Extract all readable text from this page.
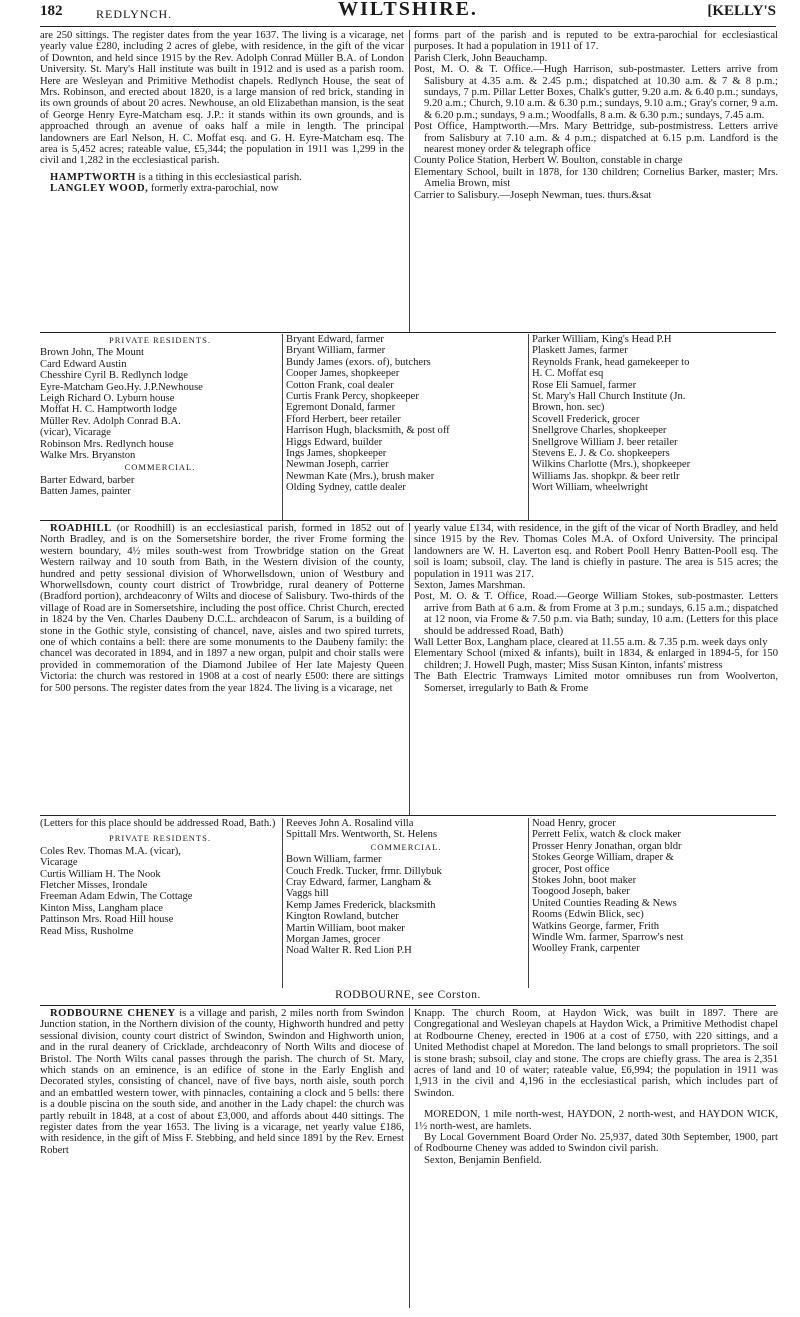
182	REDLYNCH.	WILTSHIRE.	[KELLY'S

are 250 sittings. The register dates from the year 1637. The living is a vicarage, net yearly value £280, including 2 acres of glebe, with residence, in the gift of the vicar of Downton, and held since 1915 by the Rev. Adolph Conrad Müller B.A. of London University. St. Mary's Hall institute was built in 1912 and is used as a parish room. Here are Wesleyan and Primitive Methodist chapels. Redlynch House, the seat of Mrs. Robinson, and erected about 1820, is a large mansion of red brick, standing in its own grounds of about 20 acres. Newhouse, an old Elizabethan mansion, is the seat of George Henry Eyre-Matcham esq. J.P.: it stands within its own grounds, and is approached through an avenue of oaks half a mile in length. The principal landowners are Earl Nelson, H. C. Moffat esq. and G. H. Eyre-Matcham esq. The area is 5,452 acres; rateable value, £5,344; the population in 1911 was 1,299 in the civil and 1,282 in the ecclesiastical parish.

HAMPTWORTH is a tithing in this ecclesiastical parish.

LANGLEY WOOD, formerly extra-parochial, now

forms part of the parish and is reputed to be extra-parochial for ecclesiastical purposes. It had a population in 1911 of 17.

Parish Clerk, John Beauchamp.

Post, M. O. & T. Office.—Hugh Harrison, sub-postmaster. Letters arrive from Salisbury at 4.35 a.m. & 2.45 p.m.; dispatched at 10.30 a.m. & 7 & 8 p.m.; sundays, 7 p.m. Pillar Letter Boxes, Chalk's gutter, 9.20 a.m. & 6.40 p.m.; sundays, 9.20 a.m.; Church, 9.10 a.m. & 6.30 p.m.; sundays, 9.10 a.m.; Gray's corner, 9 a.m. & 6.20 p.m.; sundays, 9 a.m.; Woodfalls, 8 a.m. & 6.30 p.m.; sundays, 7.45 a.m.

Post Office, Hamptworth.—Mrs. Mary Bettridge, sub-postmistress. Letters arrive from Salisbury at 7.10 a.m. & 4 p.m.; dispatched at 6.15 p.m. Landford is the nearest money order & telegraph office

County Police Station, Herbert W. Boulton, constable in charge

Elementary School, built in 1878, for 130 children; Cornelius Barker, master; Mrs. Amelia Brown, mist

Carrier to Salisbury.—Joseph Newman, tues. thurs.&sat

PRIVATE RESIDENTS.
Brown John, The Mount
Card Edward Austin
Chesshire Cyril B. Redlynch lodge
Eyre-Matcham Geo.Hy. J.P.Newhouse
Leigh Richard O. Lyburn house
Moffat H. C. Hamptworth lodge
Müller Rev. Adolph Conrad B.A.
(vicar), Vicarage
Robinson Mrs. Redlynch house
Walke Mrs. Bryanston
COMMERCIAL.
Barter Edward, barber
Batten James, painter
Bryant Edward, farmer
Bryant William, farmer
Bundy James (exors. of), butchers
Cooper James, shopkeeper
Cotton Frank, coal dealer
Curtis Frank Percy, shopkeeper
Egremont Donald, farmer
Fford Herbert, beer retailer
Harrison Hugh, blacksmith, & post off
Higgs Edward, builder
Ings James, shopkeeper
Newman Joseph, carrier
Newman Kate (Mrs.), brush maker
Olding Sydney, cattle dealer
Parker William, King's Head P.H
Plaskett James, farmer
Reynolds Frank, head gamekeeper to
H. C. Moffat esq
Rose Eli Samuel, farmer
St. Mary's Hall Church Institute (Jn.
Brown, hon. sec)
Scovell Frederick, grocer
Snellgrove Charles, shopkeeper
Snellgrove William J. beer retailer
Stevens E. J. & Co. shopkeepers
Wilkins Charlotte (Mrs.), shopkeeper
Williams Jas. shopkpr. & beer retlr
Wort William, wheelwright

ROADHILL (or Roodhill) is an ecclesiastical parish, formed in 1852 out of North Bradley, and is on the Somersetshire border, the river Frome forming the western boundary, 4½ miles south-west from Trowbridge station on the Great Western railway and 10 south from Bath, in the Western division of the county, hundred and petty sessional division of Whorwellsdown, union of Westbury and Whorwellsdown, county court district of Trowbridge, rural deanery of Potterne (Bradford portion), archdeaconry of Wilts and diocese of Salisbury. Two-thirds of the village of Road are in Somersetshire, including the post office. Christ Church, erected in 1824 by the Ven. Charles Daubeny D.C.L. archdeacon of Sarum, is a building of stone in the Gothic style, consisting of chancel, nave, aisles and two spired turrets, one of which contains a bell: there are some monuments to the Daubeny family: the chancel was decorated in 1894, and in 1897 a new organ, pulpit and choir stalls were provided in commemoration of the Diamond Jubilee of Her late Majesty Queen Victoria: the church was restored in 1908 at a cost of nearly £500: there are sittings for 500 persons. The register dates from the year 1824. The living is a vicarage, net

yearly value £134, with residence, in the gift of the vicar of North Bradley, and held since 1915 by the Rev. Thomas Coles M.A. of Oxford University. The principal landowners are W. H. Laverton esq. and Robert Pooll Henry Batten-Pooll esq. The soil is loam; subsoil, clay. The land is chiefly in pasture. The area is 515 acres; the population in 1911 was 217.

Sexton, James Marshman.

Post, M. O. & T. Office, Road.—George William Stokes, sub-postmaster. Letters arrive from Bath at 6 a.m. & from Frome at 3 p.m.; sundays, 6.15 a.m.; dispatched at 12 noon, via Frome & 7.50 p.m. via Bath; sunday, 10 a.m. (Letters for this place should be addressed Road, Bath)

Wall Letter Box, Langham place, cleared at 11.55 a.m. & 7.35 p.m. week days only

Elementary School (mixed & infants), built in 1834, & enlarged in 1894-5, for 150 children; J. Howell Pugh, master; Miss Susan Kinton, infants' mistress

The Bath Electric Tramways Limited motor omnibuses run from Woolverton, Somerset, irregularly to Bath & Frome

(Letters for this place should be addressed Road, Bath.)

PRIVATE RESIDENTS.
Coles Rev. Thomas M.A. (vicar),
Vicarage
Curtis William H. The Nook
Fletcher Misses, Irondale
Freeman Adam Edwin, The Cottage
Kinton Miss, Langham place
Pattinson Mrs. Road Hill house
Read Miss, Rusholme
Reeves John A. Rosalind villa
Spittall Mrs. Wentworth, St. Helens
COMMERCIAL.
Bown William, farmer
Couch Fredk. Tucker, frmr. Dillybuk
Cray Edward, farmer, Langham &
Vaggs hill
Kemp James Frederick, blacksmith
Kington Rowland, butcher
Martin William, boot maker
Morgan James, grocer
Noad Walter R. Red Lion P.H
Noad Henry, grocer
Perrett Felix, watch & clock maker
Prosser Henry Jonathan, organ bldr
Stokes George William, draper &
grocer, Post office
Stokes John, boot maker
Toogood Joseph, baker
United Counties Reading & News
Rooms (Edwin Blick, sec)
Watkins George, farmer, Frith
Windle Wm. farmer, Sparrow's nest
Woolley Frank, carpenter
RODBOURNE, see Corston.

RODBOURNE CHENEY is a village and parish, 2 miles north from Swindon Junction station, in the Northern division of the county, Highworth hundred and petty sessional division, county court district of Swindon, Swindon and Highworth union, and in the rural deanery of Cricklade, archdeaconry of North Wilts and diocese of Bristol. The North Wilts canal passes through the parish. The church of St. Mary, which stands on an eminence, is an edifice of stone in the Early English and Decorated styles, consisting of chancel, nave of five bays, north aisle, south porch and an embattled western tower, with pinnacles, containing a clock and 5 bells: there is a double piscina on the south side, and another in the Lady chapel: the church was partly rebuilt in 1848, at a cost of about £3,000, and affords about 440 sittings. The register dates from the year 1653. The living is a vicarage, net yearly value £186, with residence, in the gift of Miss F. Stebbing, and held since 1891 by the Rev. Ernest Robert

Knapp. The church Room, at Haydon Wick, was built in 1897. There are Congregational and Wesleyan chapels at Haydon Wick, a Primitive Methodist chapel at Rodbourne Cheney, erected in 1906 at a cost of £750, with 220 sittings, and a United Methodist chapel at Moredon. The land belongs to small proprietors. The soil is stone brash; subsoil, clay and stone. The crops are chiefly grass. The area is 2,351 acres of land and 10 of water; rateable value, £6,994; the population in 1911 was 1,913 in the civil and 4,196 in the ecclesiastical parish, which includes part of Swindon.

MOREDON, 1 mile north-west, HAYDON, 2 north-west, and HAYDON WICK, 1½ north-west, are hamlets.

By Local Government Board Order No. 25,937, dated 30th September, 1900, part of Rodbourne Cheney was added to Swindon civil parish.

Sexton, Benjamin Benfield.
